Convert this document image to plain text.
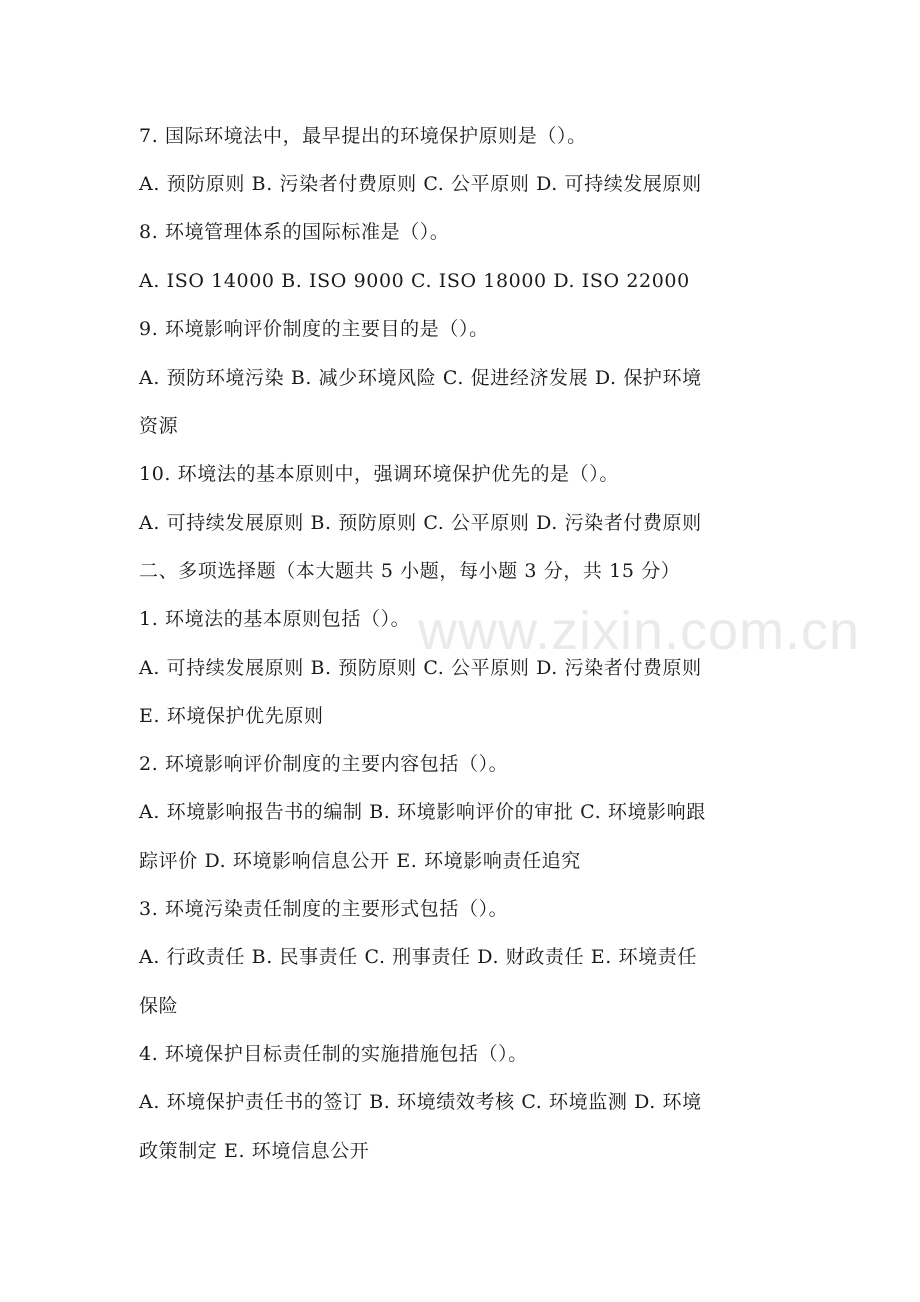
www.zixin.com.cn
7. 国际环境法中，最早提出的环境保护原则是（）。
A. 预防原则 B. 污染者付费原则 C. 公平原则 D. 可持续发展原则
8. 环境管理体系的国际标准是（）。
A. ISO 14000 B. ISO 9000 C. ISO 18000 D. ISO 22000
9. 环境影响评价制度的主要目的是（）。
A. 预防环境污染 B. 减少环境风险 C. 促进经济发展 D. 保护环境
资源
10. 环境法的基本原则中，强调环境保护优先的是（）。
A. 可持续发展原则 B. 预防原则 C. 公平原则 D. 污染者付费原则
二、多项选择题（本大题共 5 小题，每小题 3 分，共 15 分）
1. 环境法的基本原则包括（）。
A. 可持续发展原则 B. 预防原则 C. 公平原则 D. 污染者付费原则
E. 环境保护优先原则
2. 环境影响评价制度的主要内容包括（）。
A. 环境影响报告书的编制 B. 环境影响评价的审批 C. 环境影响跟
踪评价 D. 环境影响信息公开 E. 环境影响责任追究
3. 环境污染责任制度的主要形式包括（）。
A. 行政责任 B. 民事责任 C. 刑事责任 D. 财政责任 E. 环境责任
保险
4. 环境保护目标责任制的实施措施包括（）。
A. 环境保护责任书的签订 B. 环境绩效考核 C. 环境监测 D. 环境
政策制定 E. 环境信息公开
